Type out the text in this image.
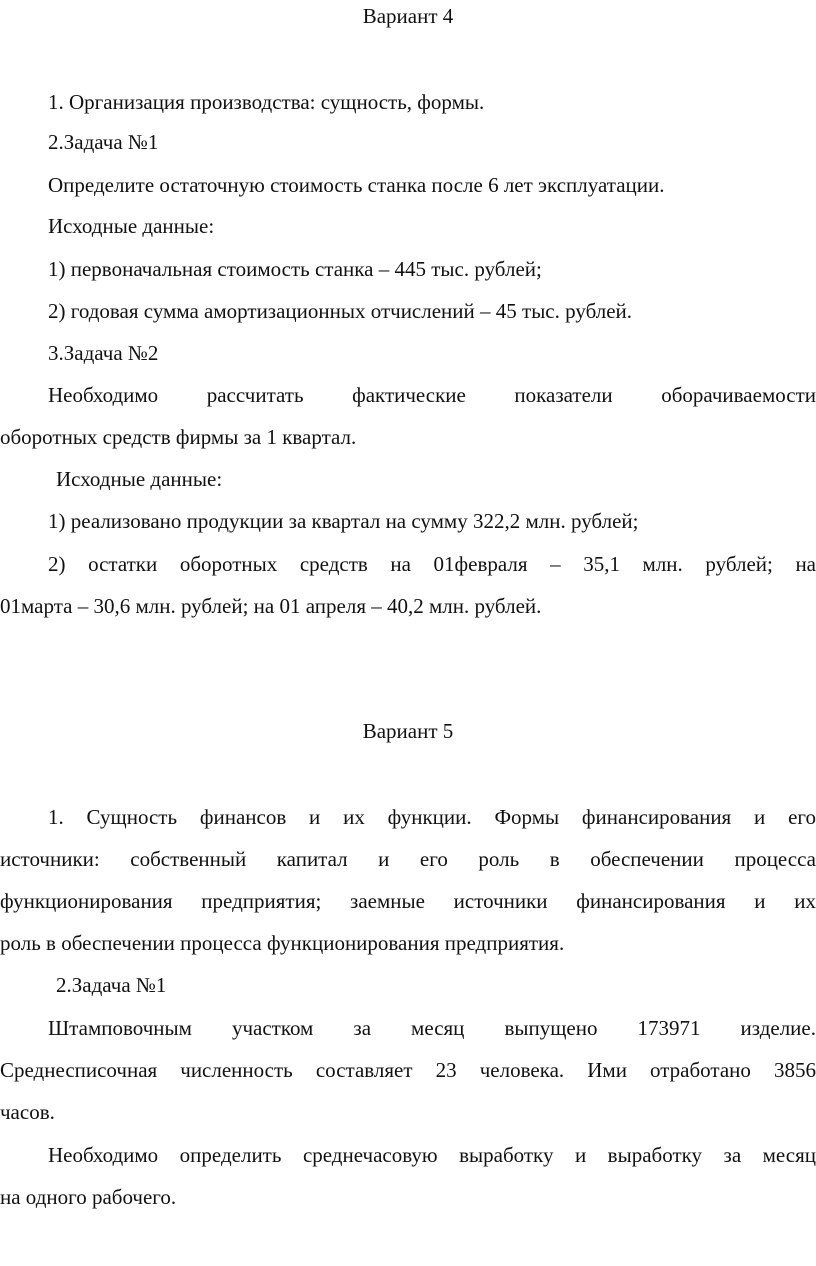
Вариант 4
1. Организация производства: сущность, формы.
2.Задача №1
Определите остаточную стоимость станка после 6 лет эксплуатации.
Исходные данные:
1) первоначальная стоимость станка – 445 тыс. рублей;
2) годовая сумма амортизационных отчислений – 45 тыс. рублей.
3.Задача №2
Необходимо рассчитать фактические показатели оборачиваемости
оборотных средств фирмы за 1 квартал.
Исходные данные:
1) реализовано продукции за квартал на сумму 322,2 млн. рублей;
2) остатки оборотных средств на 01февраля – 35,1 млн. рублей; на
01марта – 30,6 млн. рублей; на 01 апреля – 40,2 млн. рублей.
Вариант 5
1. Сущность финансов и их функции. Формы финансирования и его
источники: собственный капитал и его роль в обеспечении процесса
функционирования предприятия; заемные источники финансирования и их
роль в обеспечении процесса функционирования предприятия.
2.Задача №1
Штамповочным участком за месяц выпущено 173971 изделие.
Среднесписочная численность составляет 23 человека. Ими отработано 3856
часов.
Необходимо определить среднечасовую выработку и выработку за месяц
на одного рабочего.
